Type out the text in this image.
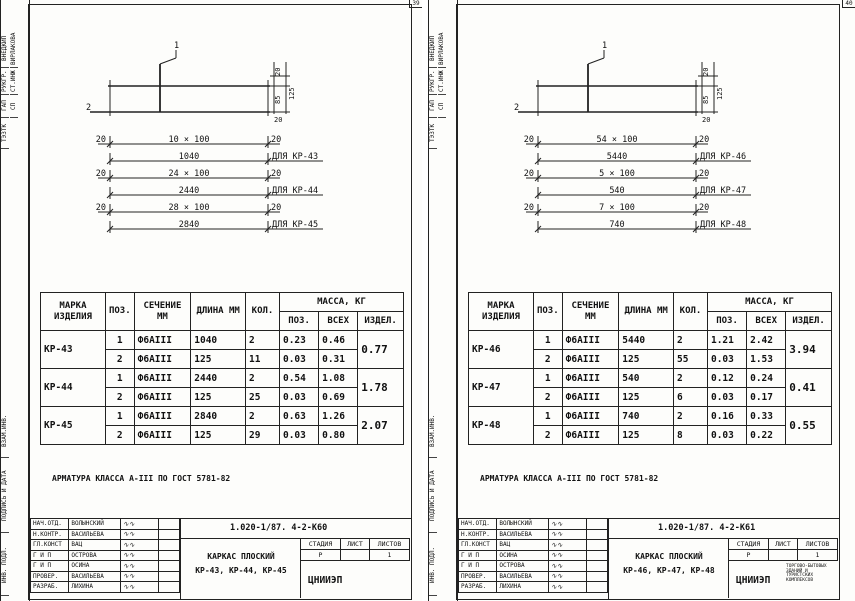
39
ТЭЗТК
ГАП
РУКГР.
ВНЕДКИП ВИРЛАКОВА
СТ.ИНЖ
СП
ИНВ. ПОДЛ.
ПОДПИСЬ И ДАТА
ВЗАМ.ИНВ.
1
2
20
85 125
20
10 × 100
20	20
1040	ДЛЯ КР-43
24 × 100
20	20
2440	ДЛЯ КР-44
28 × 100
20	20
2840	ДЛЯ КР-45
МАРКА ИЗДЕЛИЯ	ПОЗ.	СЕЧЕНИЕ ММ	ДЛИНА ММ	КОЛ.	МАССА, КГ		
					ПОЗ.	ВСЕХ	ИЗДЕЛ.
КР-43	1	Ф6АIII	1040	2	0.23	0.46	0.77
	2	Ф6АIII	125	11	0.03	0.31	
КР-44	1	Ф6АIII	2440	2	0.54	1.08	1.78
	2	Ф6АIII	125	25	0.03	0.69	
КР-45	1	Ф6АIII	2840	2	0.63	1.26	2.07
	2	Ф6АIII	125	29	0.03	0.80	
АРМАТУРА КЛАССА А-III ПО ГОСТ 5781-82
НАЧ.ОТД.	ВОЛЫНСКИЙ	∿∿	
Н.КОНТР.	ВАСИЛЬЕВА	∿∿	
ГЛ.КОНСТ	ВАЦ	∿∿	
Г И П	ОСТРОВА	∿∿	
Г И П	ОСИНА	∿∿	
ПРОВЕР.	ВАСИЛЬЕВА	∿∿	
РАЗРАБ.	ЛИХИНА	∿∿	
1.020-1/87. 4-2-К60
КАРКАС ПЛОСКИЙ
КР-43, КР-44, КР-45
СТАДИЯ	ЛИСТ	ЛИСТОВ
Р		1
ЦНИИЭП
40
ТЭЗТК
ГАП
РУКГР.
ВНЕДКИП ВИРЛАКОВА
СТ.ИНЖ
СП
ИНВ. ПОДЛ.
ПОДПИСЬ И ДАТА
ВЗАМ.ИНВ.
1
2
20
85 125
20
54 × 100
20	20
5440	ДЛЯ КР-46
5 × 100
20	20
540	ДЛЯ КР-47
7 × 100
20	20
740	ДЛЯ КР-48
МАРКА ИЗДЕЛИЯ	ПОЗ.	СЕЧЕНИЕ ММ	ДЛИНА ММ	КОЛ.	МАССА, КГ		
					ПОЗ.	ВСЕХ	ИЗДЕЛ.
КР-46	1	Ф6АIII	5440	2	1.21	2.42	3.94
	2	Ф6АIII	125	55	0.03	1.53	
КР-47	1	Ф6АIII	540	2	0.12	0.24	0.41
	2	Ф6АIII	125	6	0.03	0.17	
КР-48	1	Ф6АIII	740	2	0.16	0.33	0.55
	2	Ф6АIII	125	8	0.03	0.22	
АРМАТУРА КЛАССА А-III ПО ГОСТ 5781-82
НАЧ.ОТД.	ВОЛЫНСКИЙ	∿∿	
Н.КОНТР.	ВАСИЛЬЕВА	∿∿	
ГЛ.КОНСТ	ВАЦ	∿∿	
Г И П	ОСИНА	∿∿	
Г И П	ОСТРОВА	∿∿	
ПРОВЕР.	ВАСИЛЬЕВА	∿∿	
РАЗРАБ.	ЛИХИНА	∿∿	
1.020-1/87. 4-2-К61
КАРКАС ПЛОСКИЙ
КР-46, КР-47, КР-48
СТАДИЯ	ЛИСТ	ЛИСТОВ
Р		1
ЦНИИЭП
ТОРГОВО-БЫТОВЫХ ЗДАНИЙ И ТУРИСТСКИХ КОМПЛЕКСОВ
